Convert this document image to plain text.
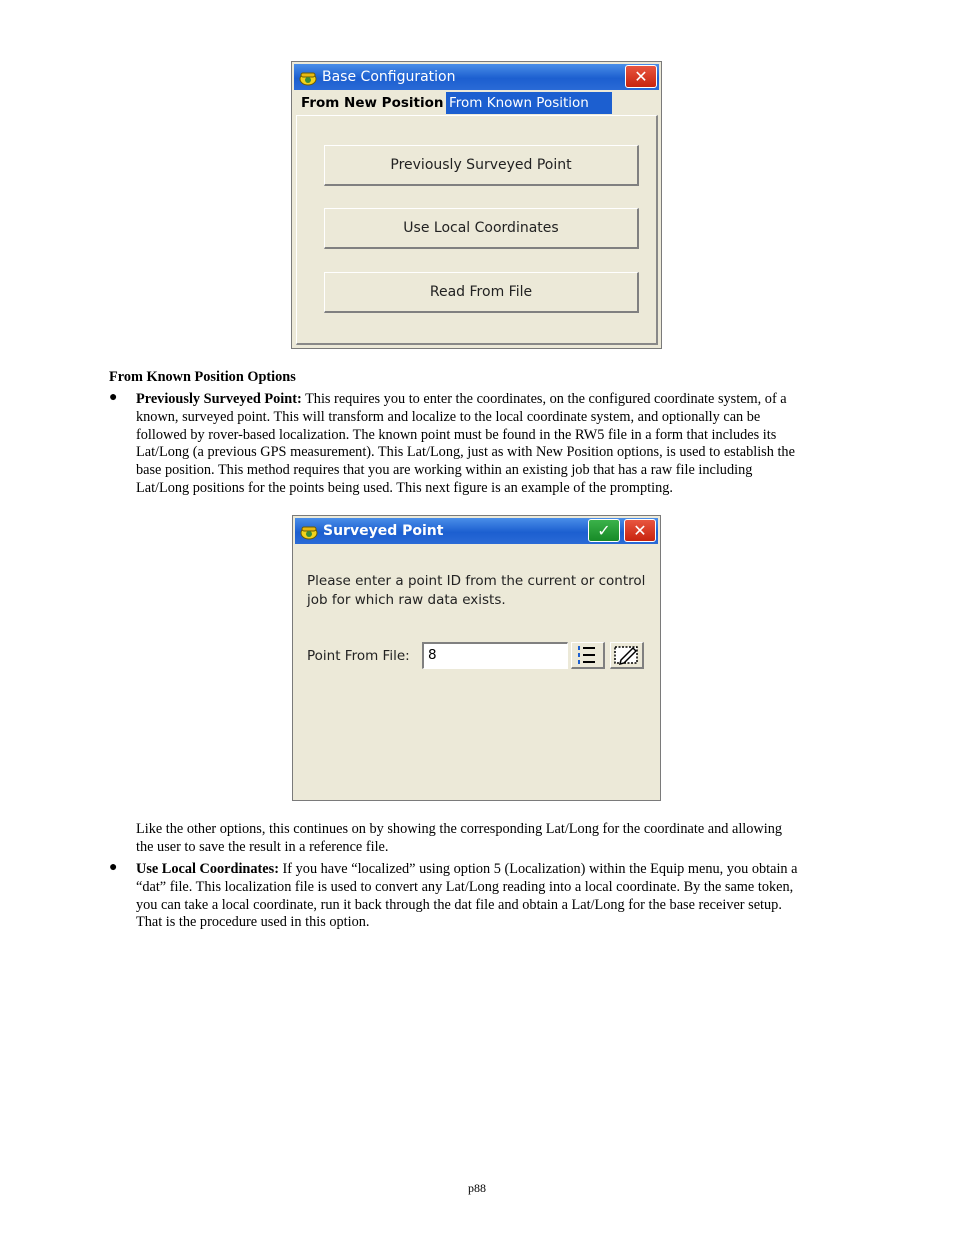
Base Configuration	✕
From New Position From Known Position
Previously Surveyed Point
Use Local Coordinates
Read From File
From Known Position Options
● Previously Surveyed Point: This requires you to enter the coordinates, on the configured coordinate system, of a
known, surveyed point. This will transform and localize to the local coordinate system, and optionally can be
followed by rover-based localization. The known point must be found in the RW5 file in a form that includes its
Lat/Long (a previous GPS measurement). This Lat/Long, just as with New Position options, is used to establish the
base position. This method requires that you are working within an existing job that has a raw file including
Lat/Long positions for the points being used. This next figure is an example of the prompting.
Surveyed Point	✓	✕
Please enter a point ID from the current or control
job for which raw data exists.
Point From File:	8
Like the other options, this continues on by showing the corresponding Lat/Long for the coordinate and allowing
the user to save the result in a reference file.
● Use Local Coordinates: If you have “localized” using option 5 (Localization) within the Equip menu, you obtain a
“dat” file. This localization file is used to convert any Lat/Long reading into a local coordinate. By the same token,
you can take a local coordinate, run it back through the dat file and obtain a Lat/Long for the base receiver setup.
That is the procedure used in this option.
p88
